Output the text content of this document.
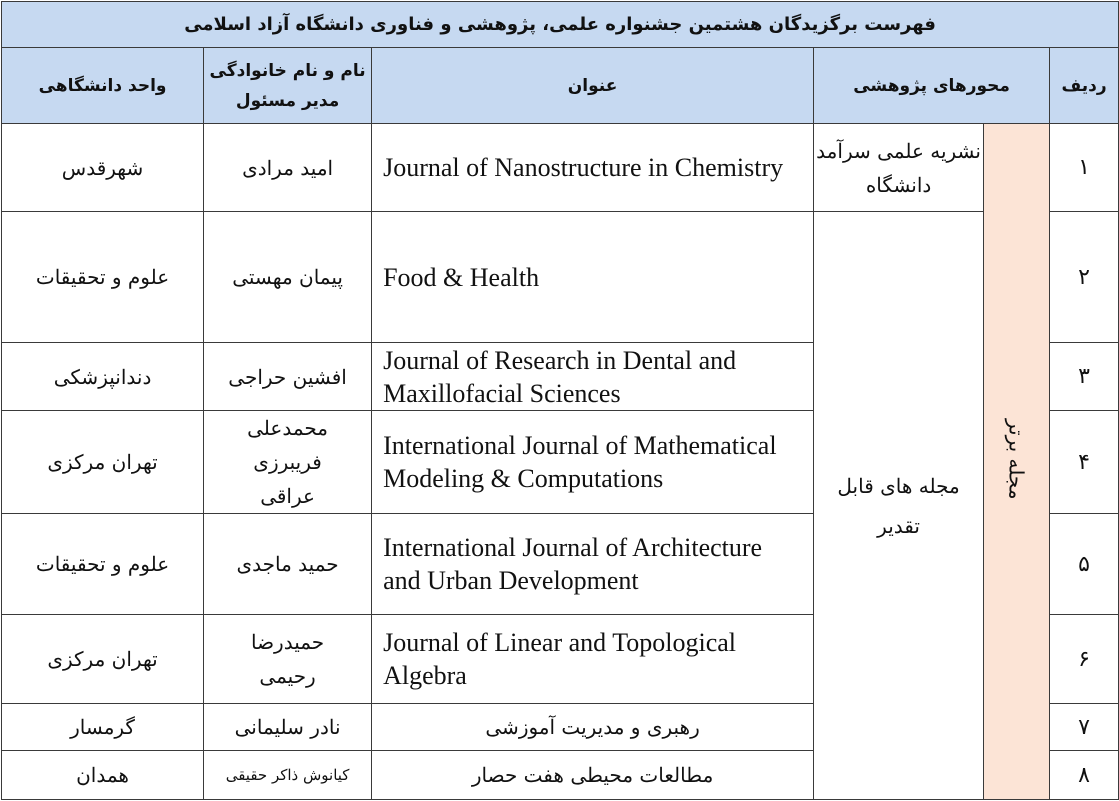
فهرست برگزیدگان هشتمین جشنواره علمی، پژوهشی و فناوری دانشگاه آزاد اسلامی					
ردیف	محورهای پژوهشی		عنوان	نام و نام خانوادگی مدیر مسئول	واحد دانشگاهی
۱	مجله برتر	نشریه علمی سرآمد دانشگاه	Journal of Nanostructure in Chemistry	امید مرادی	شهرقدس
۲		مجله های قابل تقدیر	Food & Health	پیمان مهستی	علوم و تحقیقات
۳			Journal of Research in Dental and Maxillofacial Sciences	افشین حراجی	دندانپزشکی
۴			International Journal of Mathematical Modeling & Computations	محمدعلی فریبرزی عراقی	تهران مرکزی
۵			International Journal of Architecture and Urban Development	حمید ماجدی	علوم و تحقیقات
۶			Journal of Linear and Topological Algebra	حمیدرضا رحیمی	تهران مرکزی
۷			رهبری و مدیریت آموزشی	نادر سلیمانی	گرمسار
۸			مطالعات محیطی هفت حصار	کیانوش ذاکر حقیقی	همدان
